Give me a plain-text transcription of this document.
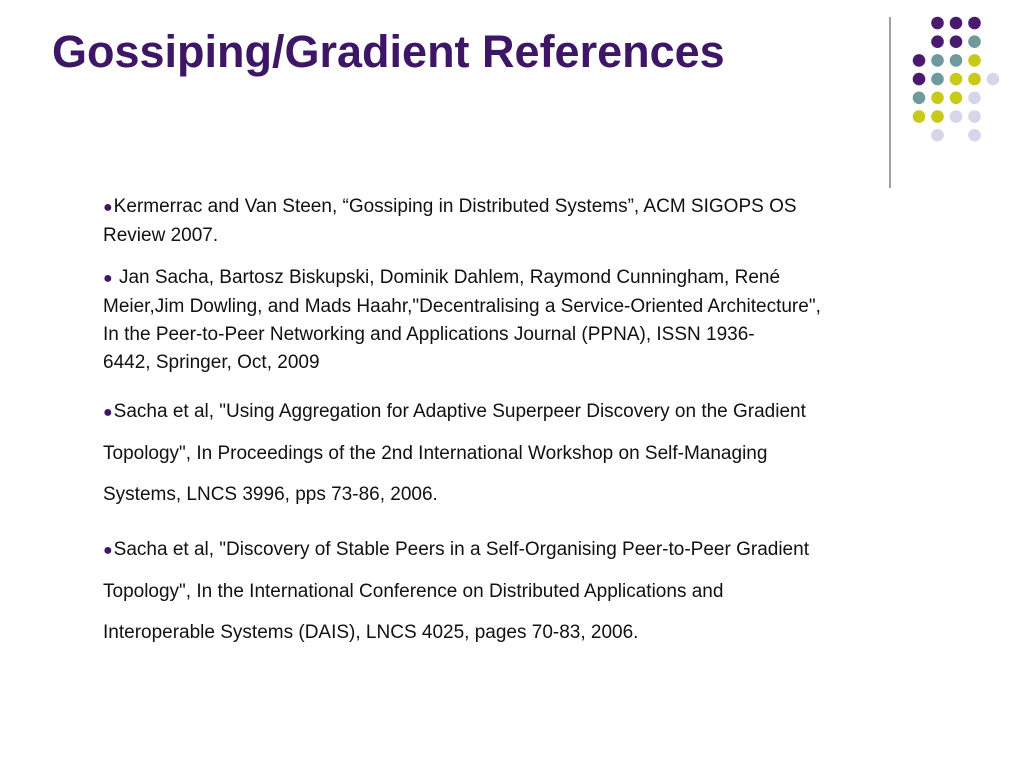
Gossiping/Gradient References
●Kermerrac and Van Steen, “Gossiping in Distributed Systems”, ACM SIGOPS OS
Review 2007.
● Jan Sacha, Bartosz Biskupski, Dominik Dahlem, Raymond Cunningham, René
Meier,Jim Dowling, and Mads Haahr,"Decentralising a Service-Oriented Architecture",
In the Peer-to-Peer Networking and Applications Journal (PPNA), ISSN 1936-
6442, Springer, Oct, 2009
●Sacha et al, "Using Aggregation for Adaptive Superpeer Discovery on the Gradient
Topology", In Proceedings of the 2nd International Workshop on Self-Managing
Systems, LNCS 3996, pps 73-86, 2006.
●Sacha et al, "Discovery of Stable Peers in a Self-Organising Peer-to-Peer Gradient
Topology", In the International Conference on Distributed Applications and
Interoperable Systems (DAIS), LNCS 4025, pages 70-83, 2006.
